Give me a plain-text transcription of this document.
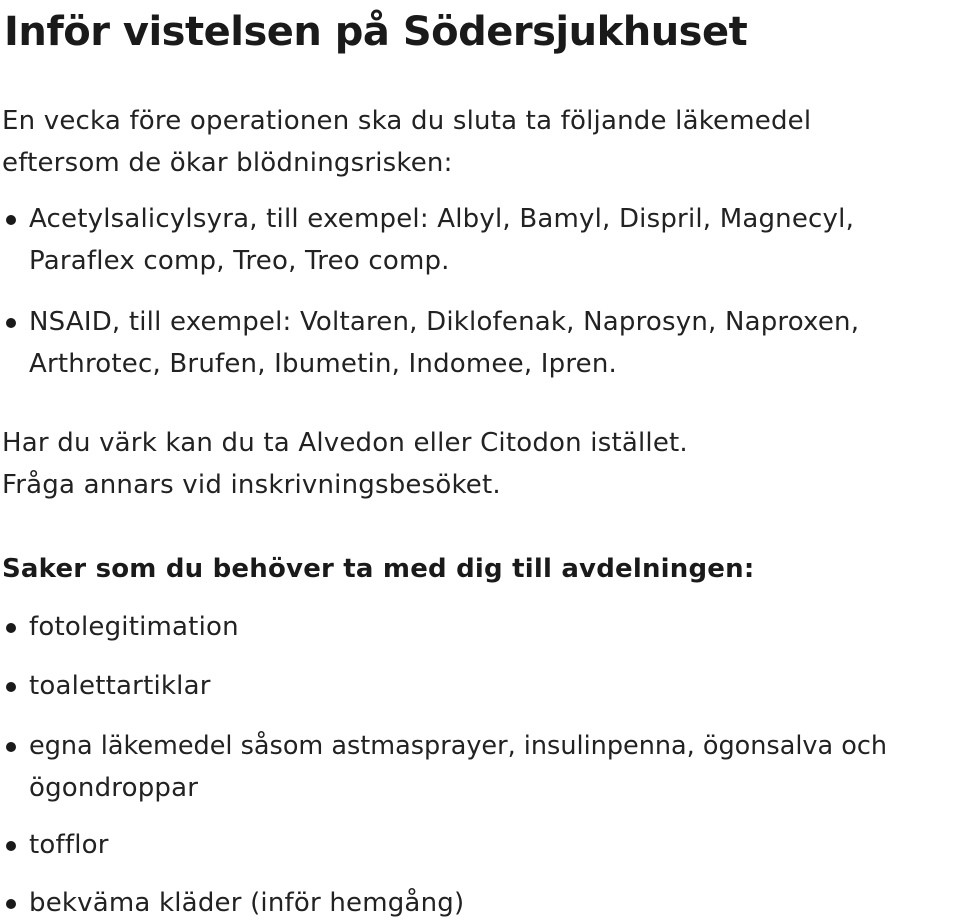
Inför vistelsen på Södersjukhuset

En vecka före operationen ska du sluta ta följande läkemedel
eftersom de ökar blödningsrisken:

Acetylsalicylsyra, till exempel: Albyl, Bamyl, Dispril, Magnecyl,
Paraflex comp, Treo, Treo comp.
NSAID, till exempel: Voltaren, Diklofenak, Naprosyn, Naproxen,
Arthrotec, Brufen, Ibumetin, Indomee, Ipren.

Har du värk kan du ta Alvedon eller Citodon istället.
Fråga annars vid inskrivningsbesöket.

Saker som du behöver ta med dig till avdelningen:
fotolegitimation
toalettartiklar
egna läkemedel såsom astmasprayer, insulinpenna, ögonsalva och
ögondroppar
tofflor
bekväma kläder (inför hemgång)
